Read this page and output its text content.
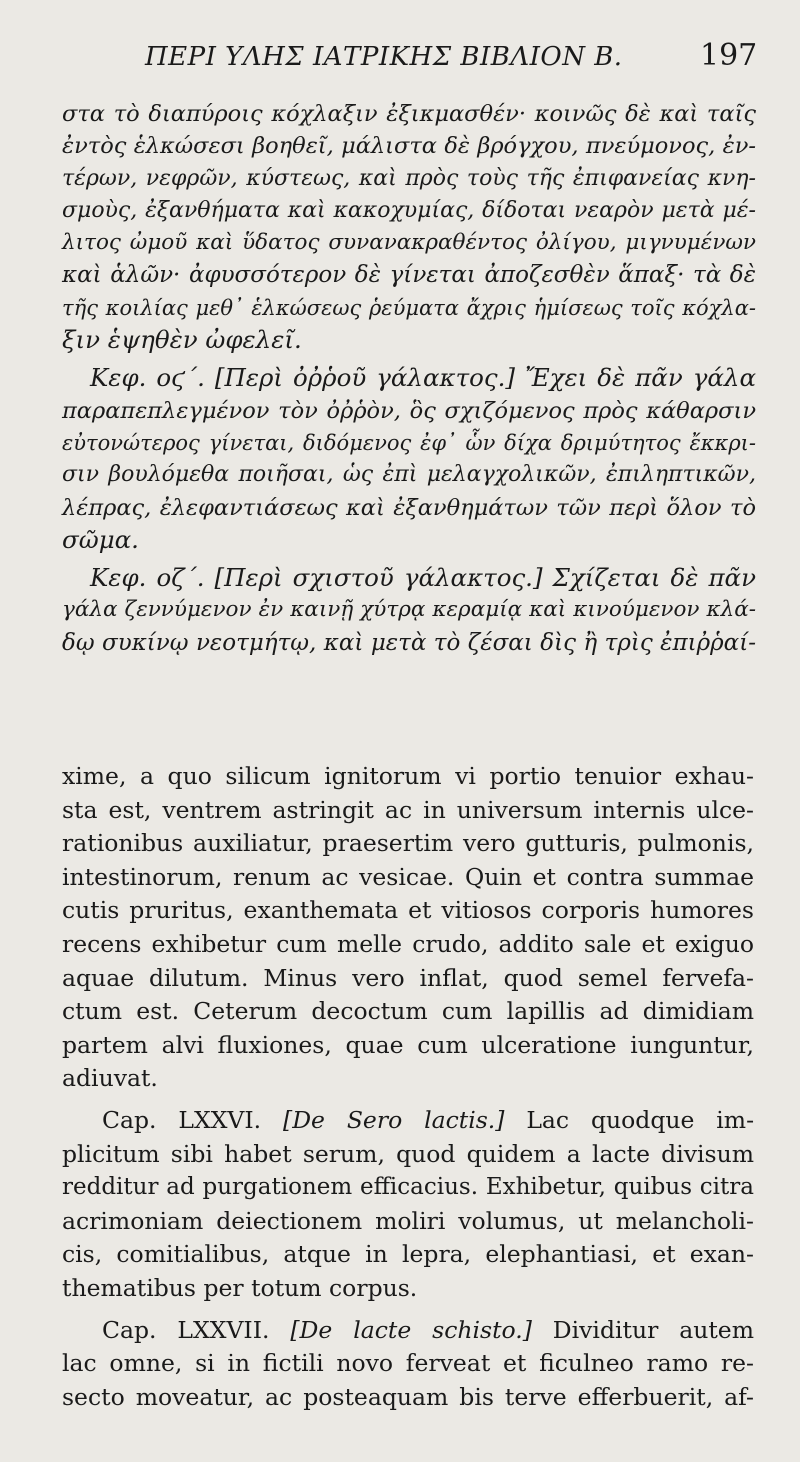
ΠΕΡΙ ΥΛΗΣ ΙΑΤΡΙΚΗΣ ΒΙΒΛΙΟΝ Β.	197
στα τὸ διαπύροις κόχλαξιν ἐξικμασθέν· κοινῶς δὲ καὶ ταῖς
ἐντὸς ἑλκώσεσι βοηθεῖ, μάλιστα δὲ βρόγχου, πνεύμονος, ἐν-
τέρων, νεφρῶν, κύστεως, καὶ πρὸς τοὺς τῆς ἐπιφανείας κνη-
σμοὺς, ἐξανθήματα καὶ κακοχυμίας, δίδοται νεαρὸν μετὰ μέ-
λιτος ὠμοῦ καὶ ὕδατος συνανακραθέντος ὀλίγου, μιγνυμένων
καὶ ἁλῶν· ἀφυσσότερον δὲ γίνεται ἀποζεσθὲν ἅπαξ· τὰ δὲ
τῆς κοιλίας μεθ᾽ ἑλκώσεως ῥεύματα ἄχρις ἡμίσεως τοῖς κόχλα-
ξιν ἑψηθὲν ὠφελεῖ.
Κεφ. οϛ΄. [Περὶ ὀῤῥοῦ γάλακτος.] Ἔχει δὲ πᾶν γάλα
παραπεπλεγμένον τὸν ὀῤῥὸν, ὃς σχιζόμενος πρὸς κάθαρσιν
εὐτονώτερος γίνεται, διδόμενος ἐφ᾽ ὧν δίχα δριμύτητος ἔκκρι-
σιν βουλόμεθα ποιῆσαι, ὡς ἐπὶ μελαγχολικῶν, ἐπιληπτικῶν,
λέπρας, ἐλεφαντιάσεως καὶ ἐξανθημάτων τῶν περὶ ὅλον τὸ
σῶμα.
Κεφ. οζ΄. [Περὶ σχιστοῦ γάλακτος.] Σχίζεται δὲ πᾶν
γάλα ζεννύμενον ἐν καινῇ χύτρᾳ κεραμίᾳ καὶ κινούμενον κλά-
δῳ συκίνῳ νεοτμήτῳ, καὶ μετὰ τὸ ζέσαι δὶς ἢ τρὶς ἐπιῤῥαί-
xime, a quo silicum ignitorum vi portio tenuior exhau-
sta est, ventrem astringit ac in universum internis ulce-
rationibus auxiliatur, praesertim vero gutturis, pulmonis,
intestinorum, renum ac vesicae. Quin et contra summae
cutis pruritus, exanthemata et vitiosos corporis humores
recens exhibetur cum melle crudo, addito sale et exiguo
aquae dilutum. Minus vero inflat, quod semel fervefa-
ctum est. Ceterum decoctum cum lapillis ad dimidiam
partem alvi fluxiones, quae cum ulceratione iunguntur,
adiuvat.
Cap. LXXVI. [De Sero lactis.] Lac quodque im-
plicitum sibi habet serum, quod quidem a lacte divisum
redditur ad purgationem efficacius. Exhibetur, quibus citra
acrimoniam deiectionem moliri volumus, ut melancholi-
cis, comitialibus, atque in lepra, elephantiasi, et exan-
thematibus per totum corpus.
Cap. LXXVII. [De lacte schisto.] Dividitur autem
lac omne, si in fictili novo ferveat et ficulneo ramo re-
secto moveatur, ac posteaquam bis terve efferbuerit, af-
